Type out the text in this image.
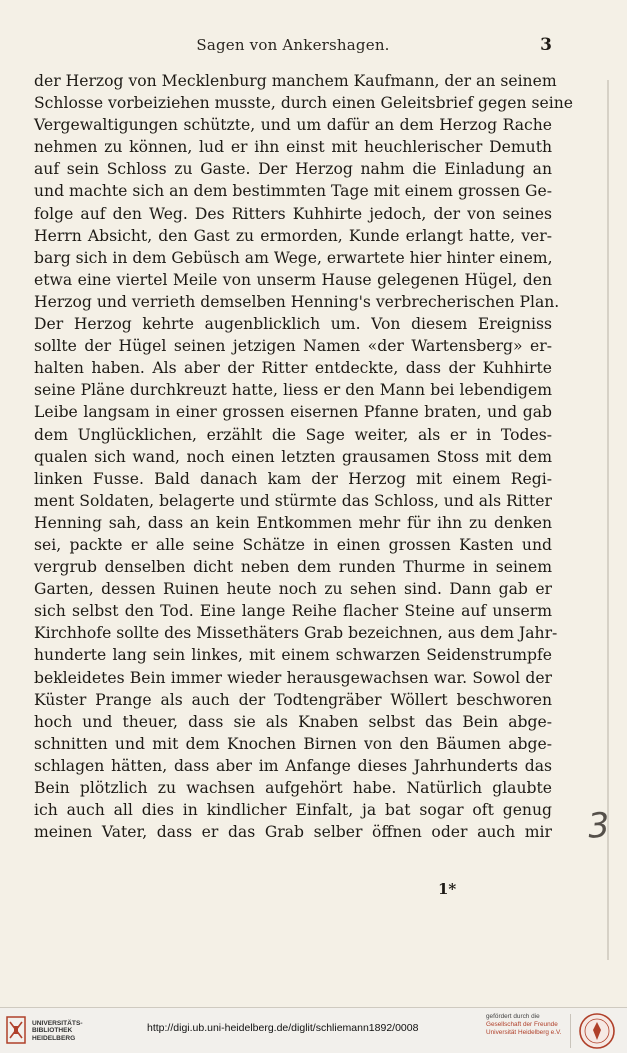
Sagen von Ankershagen.	3
der Herzog von Mecklenburg manchem Kaufmann, der an seinem
Schlosse vorbeiziehen musste, durch einen Geleitsbrief gegen seine
Vergewaltigungen schützte, und um dafür an dem Herzog Rache
nehmen zu können, lud er ihn einst mit heuchlerischer Demuth
auf sein Schloss zu Gaste. Der Herzog nahm die Einladung an
und machte sich an dem bestimmten Tage mit einem grossen Ge-
folge auf den Weg. Des Ritters Kuhhirte jedoch, der von seines
Herrn Absicht, den Gast zu ermorden, Kunde erlangt hatte, ver-
barg sich in dem Gebüsch am Wege, erwartete hier hinter einem,
etwa eine viertel Meile von unserm Hause gelegenen Hügel, den
Herzog und verrieth demselben Henning's verbrecherischen Plan.
Der Herzog kehrte augenblicklich um. Von diesem Ereigniss
sollte der Hügel seinen jetzigen Namen «der Wartensberg» er-
halten haben. Als aber der Ritter entdeckte, dass der Kuhhirte
seine Pläne durchkreuzt hatte, liess er den Mann bei lebendigem
Leibe langsam in einer grossen eisernen Pfanne braten, und gab
dem Unglücklichen, erzählt die Sage weiter, als er in Todes-
qualen sich wand, noch einen letzten grausamen Stoss mit dem
linken Fusse. Bald danach kam der Herzog mit einem Regi-
ment Soldaten, belagerte und stürmte das Schloss, und als Ritter
Henning sah, dass an kein Entkommen mehr für ihn zu denken
sei, packte er alle seine Schätze in einen grossen Kasten und
vergrub denselben dicht neben dem runden Thurme in seinem
Garten, dessen Ruinen heute noch zu sehen sind. Dann gab er
sich selbst den Tod. Eine lange Reihe flacher Steine auf unserm
Kirchhofe sollte des Missethäters Grab bezeichnen, aus dem Jahr-
hunderte lang sein linkes, mit einem schwarzen Seidenstrumpfe
bekleidetes Bein immer wieder herausgewachsen war. Sowol der
Küster Prange als auch der Todtengräber Wöllert beschworen
hoch und theuer, dass sie als Knaben selbst das Bein abge-
schnitten und mit dem Knochen Birnen von den Bäumen abge-
schlagen hätten, dass aber im Anfange dieses Jahrhunderts das
Bein plötzlich zu wachsen aufgehört habe. Natürlich glaubte
ich auch all dies in kindlicher Einfalt, ja bat sogar oft genug
meinen Vater, dass er das Grab selber öffnen oder auch mir
1*
3
UNIVERSITÄTS-
BIBLIOTHEK
HEIDELBERG
http://digi.ub.uni-heidelberg.de/diglit/schliemann1892/0008
gefördert durch die
Gesellschaft der Freunde
Universität Heidelberg e.V.
